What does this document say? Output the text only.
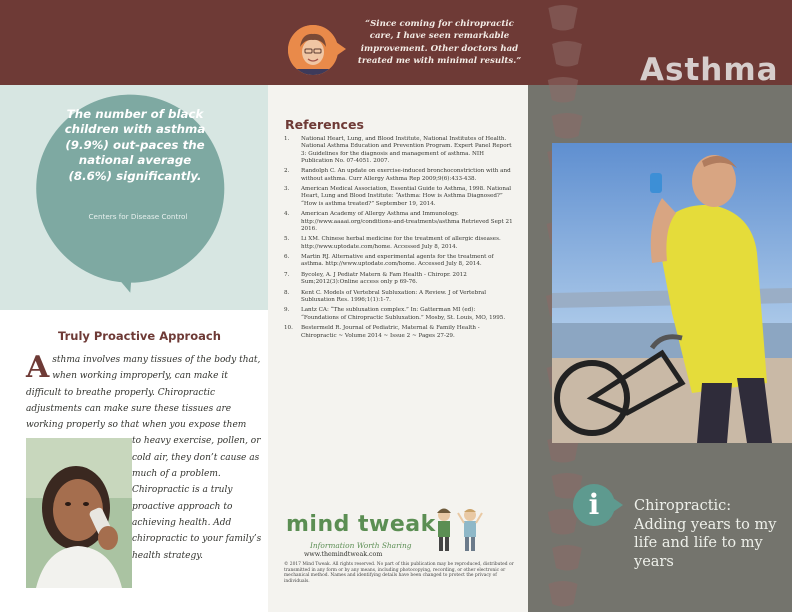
“Since coming for chiropractic care, I have seen remarkable improvement. Other doctors had treated me with minimal results.”	Asthma
The number of black children with asthma (9.9%) out-paces the national average (8.6%) significantly.
Centers for Disease Control
Truly Proactive Approach
Asthma involves many tissues of the body that, when working improperly, can make it difficult to breathe properly. Chiropractic adjustments can make sure these tissues are working properly so that when you expose them
to heavy exercise, pollen, or cold air, they don’t cause as much of a problem. Chiropractic is a truly proactive approach to achieving health. Add chiropractic to your family’s health strategy.
References
1. National Heart, Lung, and Blood Institute, National Institutes of Health. National Asthma Education and Prevention Program. Expert Panel Report 3: Guidelines for the diagnosis and management of asthma. NIH Publication No. 07-4051. 2007.
2. Randolph C. An update on exercise-induced bronchoconstriction with and without asthma. Curr Allergy Asthma Rep 2009;9(6):433-438.
3. American Medical Association, Essential Guide to Asthma, 1998. National Heart, Lung and Blood Institute: “Asthma: How is Asthma Diagnosed?” “How is asthma treated?” September 19, 2014.
4. American Academy of Allergy Asthma and Immunology. http://www.aaaai.org/conditions-and-treatments/asthma Retrieved Sept 21 2016.
5. Li XM. Chinese herbal medicine for the treatment of allergic diseases. http://www.uptodate.com/home. Accessed July 8, 2014.
6. Martin RJ. Alternative and experimental agents for the treatment of asthma. http://www.uptodate.com/home. Accessed July 8, 2014.
7. Bycoley, A. J Pediatr Matern & Fam Health - Chiropr. 2012 Sum;2012(3):Online access only p 69-76.
8. Kent C. Models of Vertebral Subluxation: A Review. J of Vertebral Subluxation Res. 1996;1(1):1-7.
9. Lantz CA: “The subluxation complex.” In: Gatterman MI (ed): “Foundations of Chiropractic Subluxation.” Mosby, St. Louis, MO, 1995.
10. Bestermeld R. Journal of Pediatric, Maternal & Family Health - Chiropractic ~ Volume 2014 ~ Issue 2 ~ Pages 27-29.
mind tweak
Information Worth Sharing
www.themindtweak.com
© 2017 Mind Tweak. All rights reserved. No part of this publication may be reproduced, distributed or transmitted in any form or by any means, including photocopying, recording, or other electronic or mechanical method. Names and identifying details have been changed to protect the privacy of individuals.
i	Chiropractic: Adding years to my life and life to my years
